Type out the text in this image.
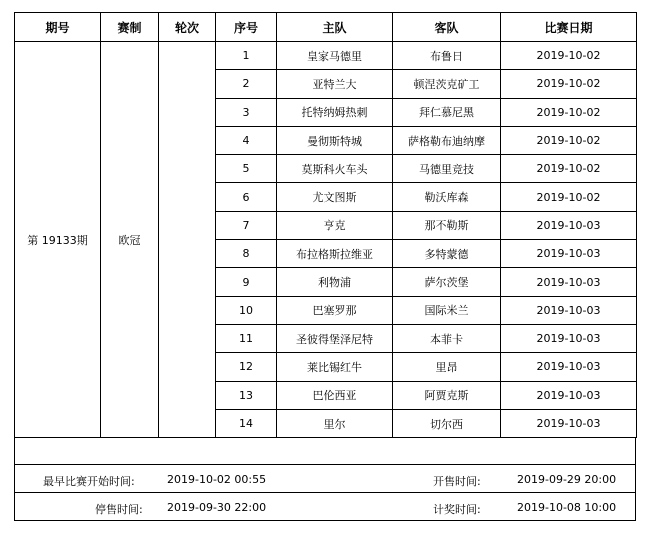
期号	赛制	轮次	序号	主队	客队	比赛日期
第 19133期	欧冠		1	皇家马德里	布鲁日	2019-10-02
			2	亚特兰大	顿涅茨克矿工	2019-10-02
			3	托特纳姆热刺	拜仁慕尼黑	2019-10-02
			4	曼彻斯特城	萨格勒布迪纳摩	2019-10-02
			5	莫斯科火车头	马德里竞技	2019-10-02
			6	尤文图斯	勒沃库森	2019-10-02
			7	亨克	那不勒斯	2019-10-03
			8	布拉格斯拉维亚	多特蒙德	2019-10-03
			9	利物浦	萨尔茨堡	2019-10-03
			10	巴塞罗那	国际米兰	2019-10-03
			11	圣彼得堡泽尼特	本菲卡	2019-10-03
			12	莱比锡红牛	里昂	2019-10-03
			13	巴伦西亚	阿贾克斯	2019-10-03
			14	里尔	切尔西	2019-10-03
最早比赛开始时间:	2019-10-02 00:55	开售时间:	2019-09-29 20:00
停售时间: 2019-09-30 22:00	计奖时间:	2019-10-08 10:00
